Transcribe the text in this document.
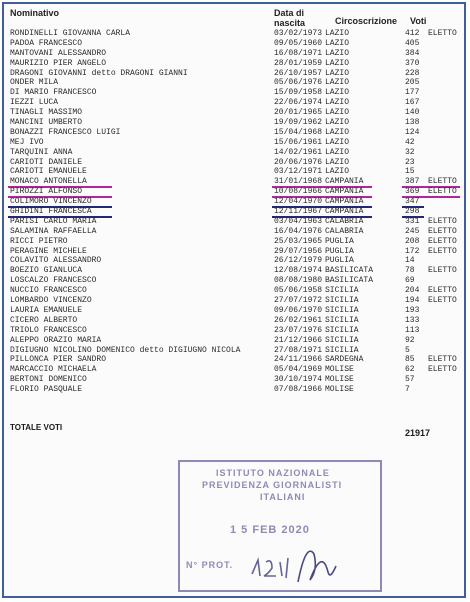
Nominativo	Data di
nascita	Circoscrizione Voti
RONDINELLI GIOVANNA CARLA	03/02/1973 LAZIO	412 ELETTO
PADOA FRANCESCO	09/05/1960 LAZIO	405
MANTOVANI ALESSANDRO	16/08/1971 LAZIO	384
MAURIZIO PIER ANGELO	28/01/1959 LAZIO	370
DRAGONI GIOVANNI detto DRAGONI GIANNI	26/10/1957 LAZIO	228
ONDER MILA	05/06/1976 LAZIO	205
DI MARIO FRANCESCO	15/09/1958 LAZIO	177
IEZZI LUCA	22/06/1974 LAZIO	167
TINAGLI MASSIMO	20/01/1965 LAZIO	140
MANCINI UMBERTO	19/09/1962 LAZIO	138
BONAZZI FRANCESCO LUIGI	15/04/1968 LAZIO	124
MEJ IVO	15/06/1961 LAZIO	42
TARQUINI ANNA	14/02/1961 LAZIO	32
CARIOTI DANIELE	20/06/1976 LAZIO	23
CARIOTI EMANUELE	03/12/1971 LAZIO	15
MONACO ANTONELLA	31/01/1968 CAMPANIA	387 ELETTO
PIROZZI ALFONSO	10/08/1966 CAMPANIA	369 ELETTO
COLIMORO VINCENZO	12/04/1970 CAMPANIA	347
GHIDINI FRANCESCA	12/11/1967 CAMPANIA	298
PARISI CARLO MARIA	03/04/1963 CALABRIA	331 ELETTO
SALAMINA RAFFAELLA	16/04/1976 CALABRIA	245 ELETTO
RICCI PIETRO	25/03/1965 PUGLIA	208 ELETTO
PERAGINE MICHELE	29/07/1956 PUGLIA	172 ELETTO
COLAVITO ALESSANDRO	26/12/1979 PUGLIA	14
BOEZIO GIANLUCA	12/08/1974 BASILICATA	78 ELETTO
LOSCALZO FRANCESCO	08/08/1980 BASILICATA	69
NUCCIO FRANCESCO	05/06/1958 SICILIA	204 ELETTO
LOMBARDO VINCENZO	27/07/1972 SICILIA	194 ELETTO
LAURIA EMANUELE	09/06/1970 SICILIA	193
CICERO ALBERTO	26/02/1961 SICILIA	133
TRIOLO FRANCESCO	23/07/1976 SICILIA	113
ALEPPO ORAZIO MARIA	21/12/1966 SICILIA	92
DIGIUGNO NICOLINO DOMENICO detto DIGIUGNO NICOLA	27/08/1971 SICILIA	5
PILLONCA PIER SANDRO	24/11/1966 SARDEGNA	85 ELETTO
MARCACCIO MICHAELA	05/04/1969 MOLISE	62 ELETTO
BERTONI DOMENICO	30/10/1974 MOLISE	57
FLORIO PASQUALE	07/08/1966 MOLISE	7
TOTALE VOTI
21917
ISTITUTO NAZIONALE
PREVIDENZA GIORNALISTI
ITALIANI
1 5 FEB 2020
N° PROT.
